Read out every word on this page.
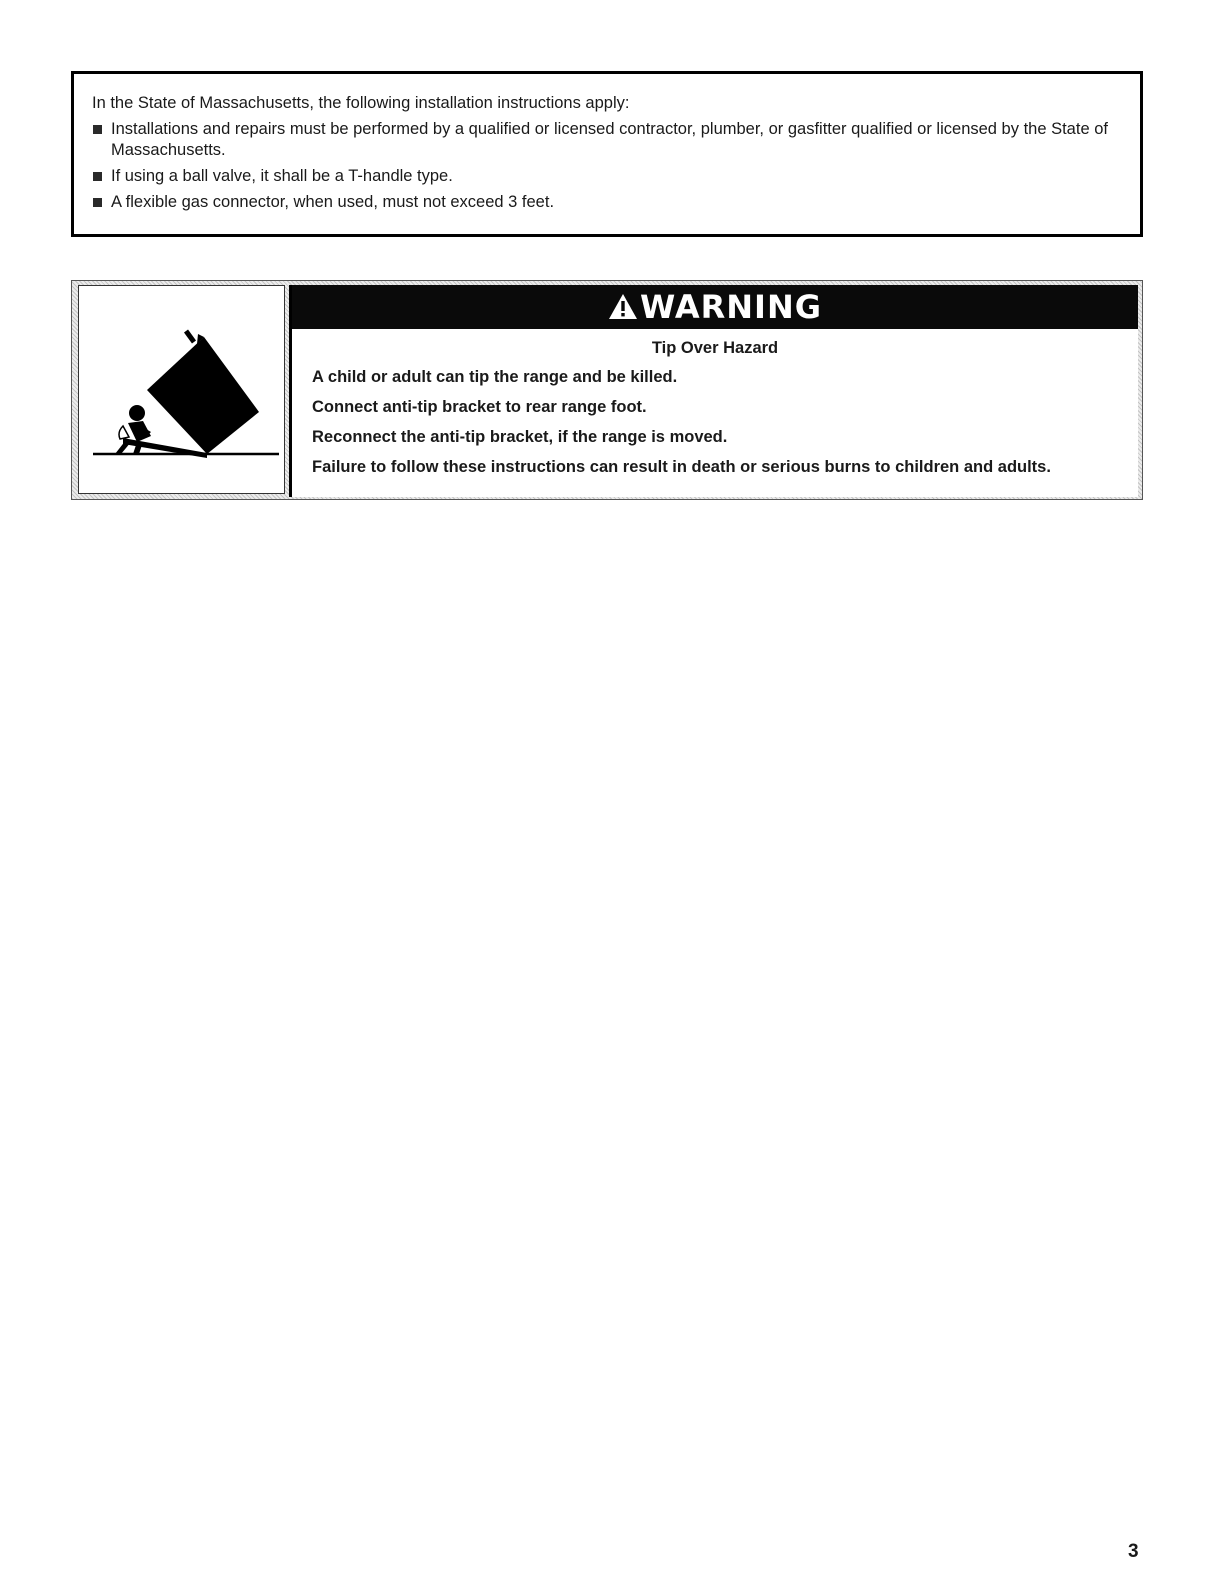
In the State of Massachusetts, the following installation instructions apply:

Installations and repairs must be performed by a qualified or licensed contractor, plumber, or gasfitter qualified or licensed by the State of Massachusetts.
If using a ball valve, it shall be a T-handle type.
A flexible gas connector, when used, must not exceed 3 feet.
WARNING
Tip Over Hazard
A child or adult can tip the range and be killed.
Connect anti-tip bracket to rear range foot.
Reconnect the anti-tip bracket, if the range is moved.
Failure to follow these instructions can result in death or serious burns to children and adults.
3
